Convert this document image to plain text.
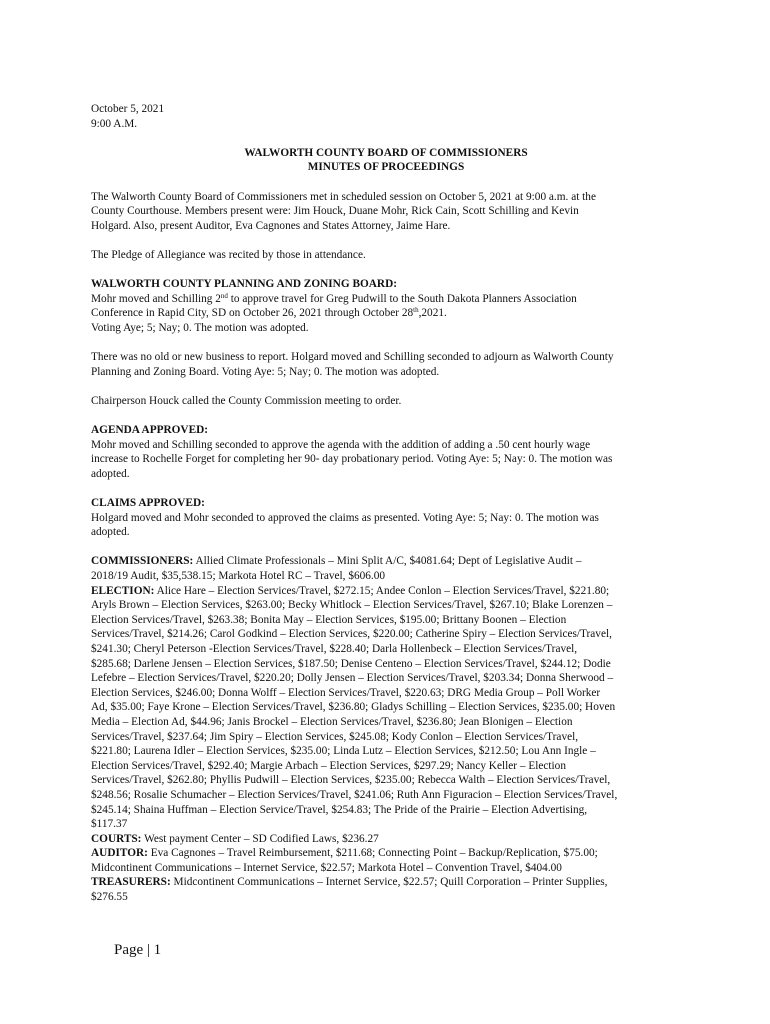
October 5, 2021
9:00 A.M.
WALWORTH COUNTY BOARD OF COMMISSIONERS
MINUTES OF PROCEEDINGS
The Walworth County Board of Commissioners met in scheduled session on October 5, 2021 at 9:00 a.m. at the
County Courthouse. Members present were: Jim Houck, Duane Mohr, Rick Cain, Scott Schilling and Kevin
Holgard. Also, present Auditor, Eva Cagnones and States Attorney, Jaime Hare.
The Pledge of Allegiance was recited by those in attendance.
WALWORTH COUNTY PLANNING AND ZONING BOARD:
Mohr moved and Schilling 2nd to approve travel for Greg Pudwill to the South Dakota Planners Association
Conference in Rapid City, SD on October 26, 2021 through October 28th,2021.
Voting Aye; 5; Nay; 0. The motion was adopted.
There was no old or new business to report. Holgard moved and Schilling seconded to adjourn as Walworth County
Planning and Zoning Board. Voting Aye: 5; Nay; 0. The motion was adopted.
Chairperson Houck called the County Commission meeting to order.
AGENDA APPROVED:
Mohr moved and Schilling seconded to approve the agenda with the addition of adding a .50 cent hourly wage
increase to Rochelle Forget for completing her 90- day probationary period. Voting Aye: 5; Nay: 0. The motion was
adopted.
CLAIMS APPROVED:
Holgard moved and Mohr seconded to approved the claims as presented. Voting Aye: 5; Nay: 0. The motion was
adopted.
COMMISSIONERS: Allied Climate Professionals – Mini Split A/C, $4081.64; Dept of Legislative Audit –
2018/19 Audit, $35,538.15; Markota Hotel RC – Travel, $606.00
ELECTION: Alice Hare – Election Services/Travel, $272.15; Andee Conlon – Election Services/Travel, $221.80;
Aryls Brown – Election Services, $263.00; Becky Whitlock – Election Services/Travel, $267.10; Blake Lorenzen –
Election Services/Travel, $263.38; Bonita May – Election Services, $195.00; Brittany Boonen – Election
Services/Travel, $214.26; Carol Godkind – Election Services, $220.00; Catherine Spiry – Election Services/Travel,
$241.30; Cheryl Peterson -Election Services/Travel, $228.40; Darla Hollenbeck – Election Services/Travel,
$285.68; Darlene Jensen – Election Services, $187.50; Denise Centeno – Election Services/Travel, $244.12; Dodie
Lefebre – Election Services/Travel, $220.20; Dolly Jensen – Election Services/Travel, $203.34; Donna Sherwood –
Election Services, $246.00; Donna Wolff – Election Services/Travel, $220.63; DRG Media Group – Poll Worker
Ad, $35.00; Faye Krone – Election Services/Travel, $236.80; Gladys Schilling – Election Services, $235.00; Hoven
Media – Election Ad, $44.96; Janis Brockel – Election Services/Travel, $236.80; Jean Blonigen – Election
Services/Travel, $237.64; Jim Spiry – Election Services, $245.08; Kody Conlon – Election Services/Travel,
$221.80; Laurena Idler – Election Services, $235.00; Linda Lutz – Election Services, $212.50; Lou Ann Ingle –
Election Services/Travel, $292.40; Margie Arbach – Election Services, $297.29; Nancy Keller – Election
Services/Travel, $262.80; Phyllis Pudwill – Election Services, $235.00; Rebecca Walth – Election Services/Travel,
$248.56; Rosalie Schumacher – Election Services/Travel, $241.06; Ruth Ann Figuracion – Election Services/Travel,
$245.14; Shaina Huffman – Election Service/Travel, $254.83; The Pride of the Prairie – Election Advertising,
$117.37
COURTS: West payment Center – SD Codified Laws, $236.27
AUDITOR: Eva Cagnones – Travel Reimbursement, $211.68; Connecting Point – Backup/Replication, $75.00;
Midcontinent Communications – Internet Service, $22.57; Markota Hotel – Convention Travel, $404.00
TREASURERS: Midcontinent Communications – Internet Service, $22.57; Quill Corporation – Printer Supplies,
$276.55
Page | 1
